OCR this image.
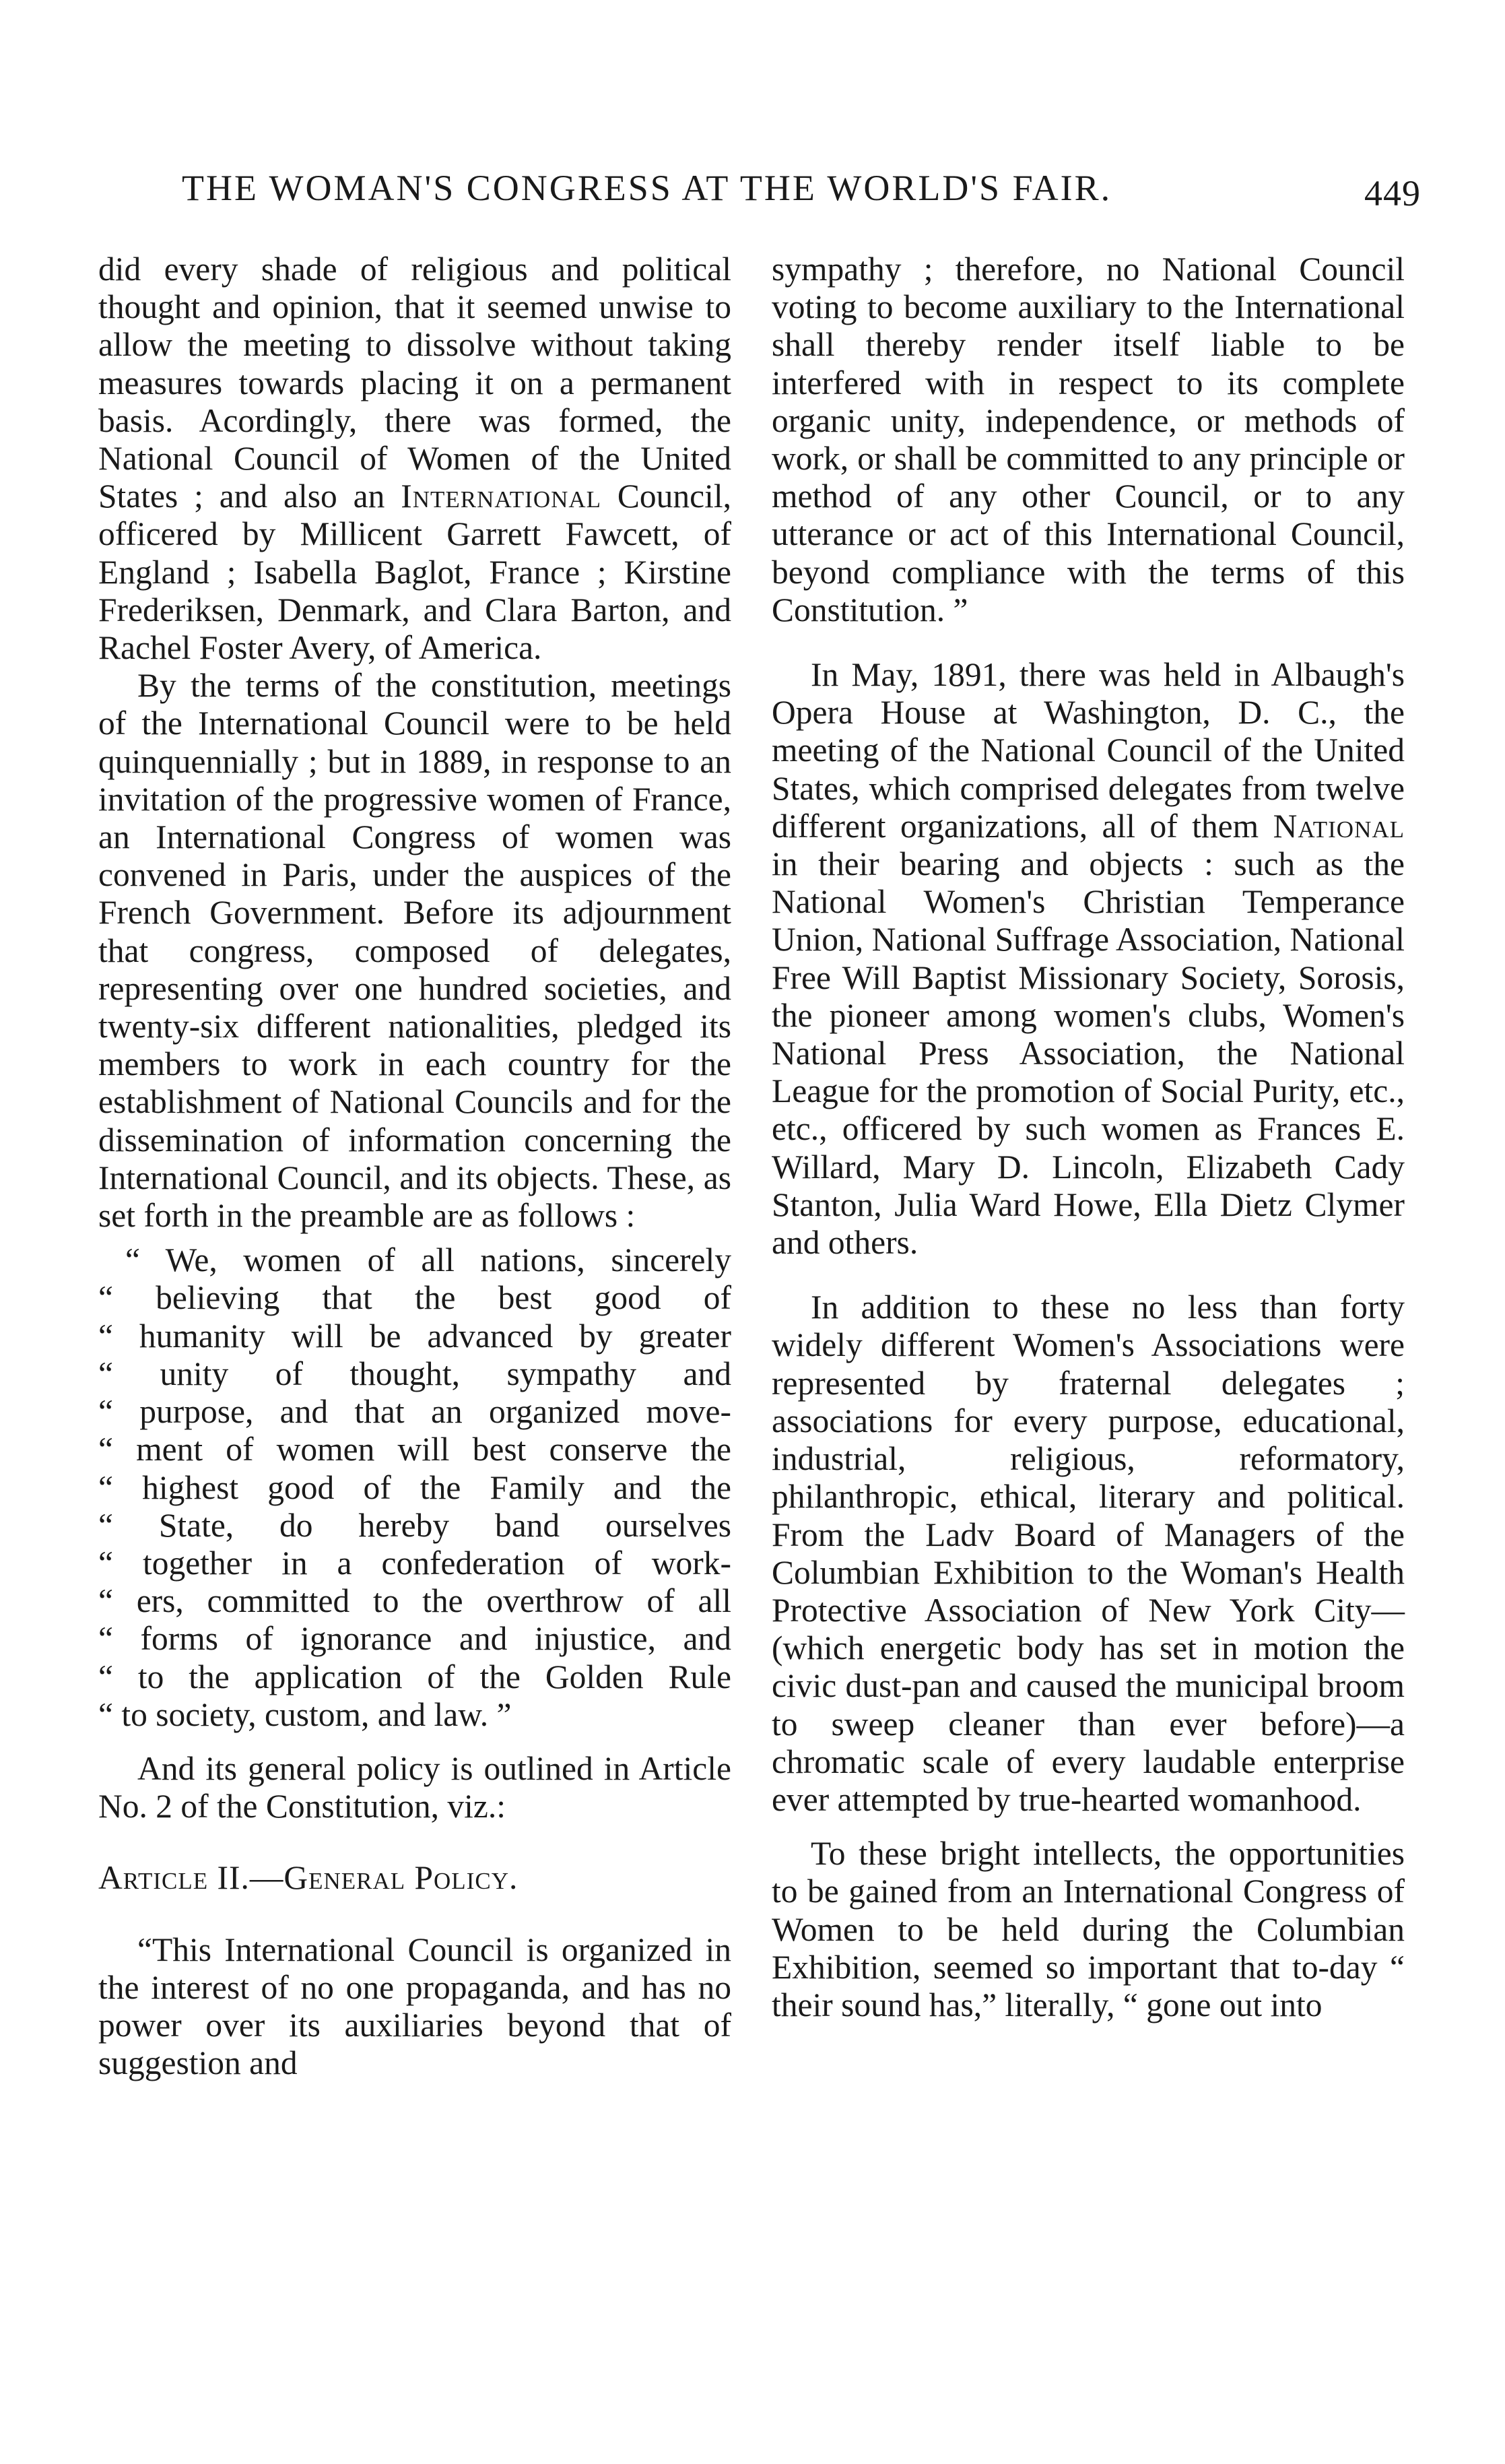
THE WOMAN'S CONGRESS AT THE WORLD'S FAIR.	449

did every shade of religious and political thought and opinion, that it seemed unwise to allow the meeting to dissolve without taking measures towards placing it on a permanent basis. Acordingly, there was formed, the National Council of Women of the United States ; and also an International Council, officered by Millicent Garrett Fawcett, of England ; Isabella Baglot, France ; Kirstine Frederiksen, Denmark, and Clara Barton, and Rachel Foster Avery, of America.

By the terms of the constitution, meetings of the International Council were to be held quinquennially ; but in 1889, in response to an invitation of the progressive women of France, an International Congress of women was convened in Paris, under the auspices of the French Government. Before its adjournment that congress, composed of delegates, representing over one hundred societies, and twenty-six different nationalities, pledged its members to work in each country for the establishment of National Councils and for the dissemination of information concerning the International Council, and its objects. These, as set forth in the preamble are as follows :

“ We, women of all nations, sincerely

“ believing that the best good of

“ humanity will be advanced by greater

“ unity of thought, sympathy and

“ purpose, and that an organized move-

“ ment of women will best conserve the

“ highest good of the Family and the

“ State, do hereby band ourselves

“ together in a confederation of work-

“ ers, committed to the overthrow of all

“ forms of ignorance and injustice, and

“ to the application of the Golden Rule

“ to society, custom, and law. ”

And its general policy is outlined in Article No. 2 of the Constitution, viz.:

Article II.—General Policy.

“This International Council is organized in the interest of no one propaganda, and has no power over its auxiliaries beyond that of suggestion and

sympathy ; therefore, no National Council voting to become auxiliary to the International shall thereby render itself liable to be interfered with in respect to its complete organic unity, independence, or methods of work, or shall be committed to any principle or method of any other Council, or to any utterance or act of this International Council, beyond compliance with the terms of this Constitution. ”

In May, 1891, there was held in Albaugh's Opera House at Washington, D. C., the meeting of the National Council of the United States, which comprised delegates from twelve different organizations, all of them National in their bearing and objects : such as the National Women's Christian Temperance Union, National Suffrage Association, National Free Will Baptist Missionary Society, Sorosis, the pioneer among women's clubs, Women's National Press Association, the National League for the promotion of Social Purity, etc., etc., officered by such women as Frances E. Willard, Mary D. Lincoln, Elizabeth Cady Stanton, Julia Ward Howe, Ella Dietz Clymer and others.

In addition to these no less than forty widely different Women's Associations were represented by fraternal delegates ; associations for every purpose, educational, industrial, religious, reformatory, philanthropic, ethical, literary and political. From the Ladv Board of Managers of the Columbian Exhibition to the Woman's Health Protective Association of New York City—(which energetic body has set in motion the civic dust-pan and caused the municipal broom to sweep cleaner than ever before)—a chromatic scale of every laudable enterprise ever attempted by true-hearted womanhood.

To these bright intellects, the opportunities to be gained from an International Congress of Women to be held during the Columbian Exhibition, seemed so important that to-day “ their sound has,” literally, “ gone out into
